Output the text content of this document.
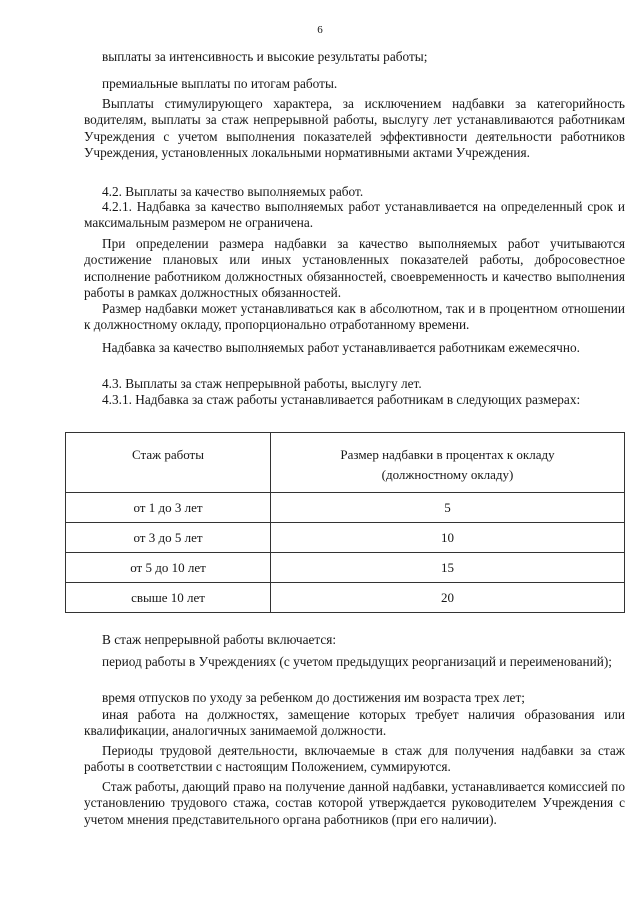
6

выплаты за интенсивность и высокие результаты работы;

премиальные выплаты по итогам работы.

Выплаты стимулирующего характера, за исключением надбавки за категорийность водителям, выплаты за стаж непрерывной работы, выслугу лет устанавливаются работникам Учреждения с учетом выполнения показателей эффективности деятельности работников Учреждения, установленных локальными нормативными актами Учреждения.

4.2. Выплаты за качество выполняемых работ.

4.2.1. Надбавка за качество выполняемых работ устанавливается на определенный срок и максимальным размером не ограничена.

При определении размера надбавки за качество выполняемых работ учитываются достижение плановых или иных установленных показателей работы, добросовестное исполнение работником должностных обязанностей, своевременность и качество выполнения работы в рамках должностных обязанностей.

Размер надбавки может устанавливаться как в абсолютном, так и в процентном отношении к должностному окладу, пропорционально отработанному времени.

Надбавка за качество выполняемых работ устанавливается работникам ежемесячно.

4.3. Выплаты за стаж непрерывной работы, выслугу лет.

4.3.1. Надбавка за стаж работы устанавливается работникам в следующих размерах:

Стаж работы	Размер надбавки в процентах к окладу
(должностному окладу)

от 1 до 3 лет	5
от 3 до 5 лет	10
от 5 до 10 лет	15
свыше 10 лет	20

В стаж непрерывной работы включается:

период работы в Учреждениях (с учетом предыдущих реорганизаций и переименований);

время отпусков по уходу за ребенком до достижения им возраста трех лет;

иная работа на должностях, замещение которых требует наличия образования или квалификации, аналогичных занимаемой должности.

Периоды трудовой деятельности, включаемые в стаж для получения надбавки за стаж работы в соответствии с настоящим Положением, суммируются.

Стаж работы, дающий право на получение данной надбавки, устанавливается комиссией по установлению трудового стажа, состав которой утверждается руководителем Учреждения с учетом мнения представительного органа работников (при его наличии).
